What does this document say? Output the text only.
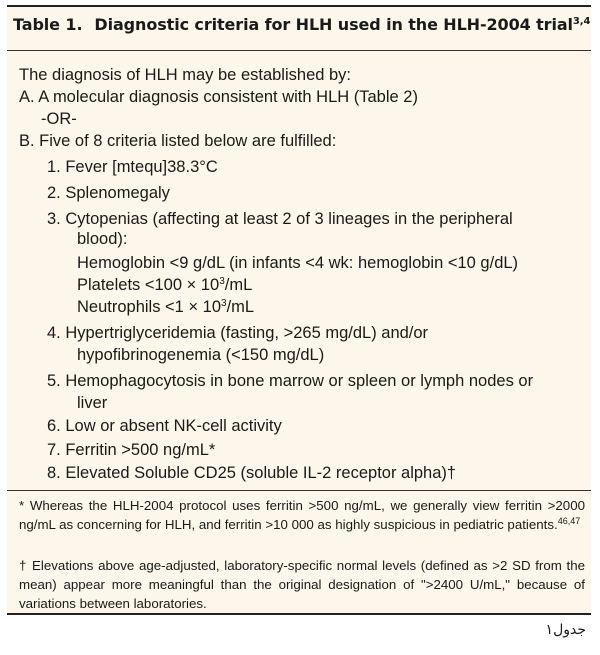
Table 1. Diagnostic criteria for HLH used in the HLH-2004 trial$^{3,4}$
The diagnosis of HLH may be established by:
A. A molecular diagnosis consistent with HLH (Table 2)
-OR-
B. Five of 8 criteria listed below are fulfilled:
1. Fever [mtequ]38.3°C
2. Splenomegaly
3. Cytopenias (affecting at least 2 of 3 lineages in the peripheral
blood):
Hemoglobin <9 g/dL (in infants <4 wk: hemoglobin <10 g/dL)
Platelets $<100 \times 10^3/mL$
Neutrophils $<1 \times 10^3/mL$
4. Hypertriglyceridemia (fasting, >265 mg/dL) and/or
hypofibrinogenemia (<150 mg/dL)
5. Hemophagocytosis in bone marrow or spleen or lymph nodes or
liver
6. Low or absent NK-cell activity
7. Ferritin >500 ng/mL*
8. Elevated Soluble CD25 (soluble IL-2 receptor alpha)†
* Whereas the HLH-2004 protocol uses ferritin >500 ng/mL, we generally view ferritin >2000 ng/mL as concerning for HLH, and ferritin >10 000 as highly suspicious in pediatric patients.$^{46,47}$
† Elevations above age-adjusted, laboratory-specific normal levels (defined as >2 SD from the mean) appear more meaningful than the original designation of ">2400 U/mL," because of variations between laboratories.
جدول۱
